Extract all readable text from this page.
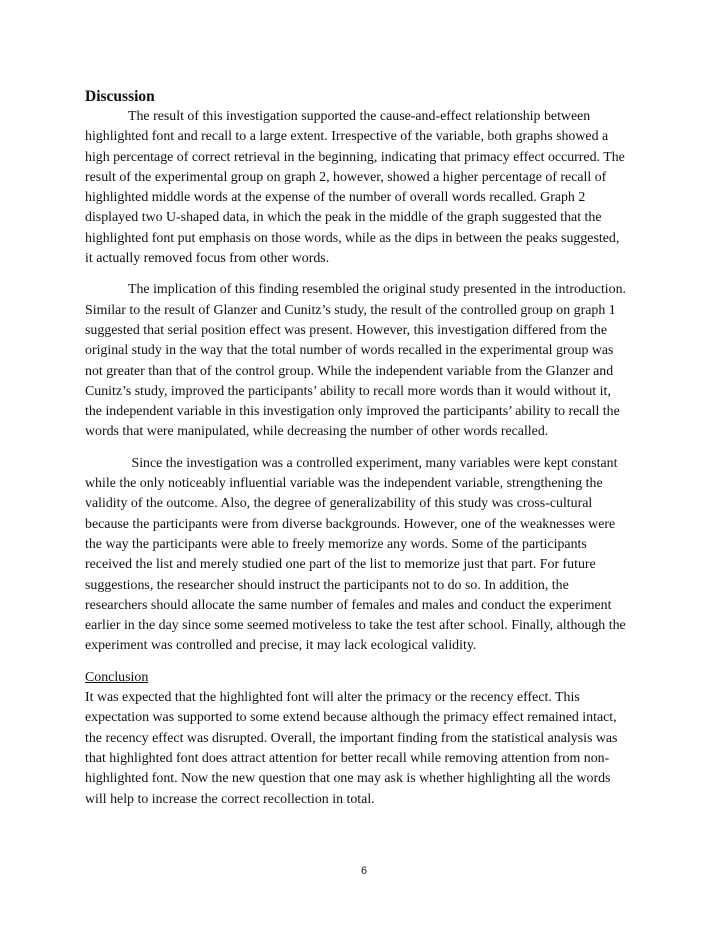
Discussion
The result of this investigation supported the cause-and-effect relationship between
highlighted font and recall to a large extent. Irrespective of the variable, both graphs showed a
high percentage of correct retrieval in the beginning, indicating that primacy effect occurred. The
result of the experimental group on graph 2, however, showed a higher percentage of recall of
highlighted middle words at the expense of the number of overall words recalled. Graph 2
displayed two U-shaped data, in which the peak in the middle of the graph suggested that the
highlighted font put emphasis on those words, while as the dips in between the peaks suggested,
it actually removed focus from other words.
The implication of this finding resembled the original study presented in the introduction.
Similar to the result of Glanzer and Cunitz’s study, the result of the controlled group on graph 1
suggested that serial position effect was present. However, this investigation differed from the
original study in the way that the total number of words recalled in the experimental group was
not greater than that of the control group. While the independent variable from the Glanzer and
Cunitz’s study, improved the participants’ ability to recall more words than it would without it,
the independent variable in this investigation only improved the participants’ ability to recall the
words that were manipulated, while decreasing the number of other words recalled.
Since the investigation was a controlled experiment, many variables were kept constant
while the only noticeably influential variable was the independent variable, strengthening the
validity of the outcome. Also, the degree of generalizability of this study was cross-cultural
because the participants were from diverse backgrounds. However, one of the weaknesses were
the way the participants were able to freely memorize any words. Some of the participants
received the list and merely studied one part of the list to memorize just that part. For future
suggestions, the researcher should instruct the participants not to do so. In addition, the
researchers should allocate the same number of females and males and conduct the experiment
earlier in the day since some seemed motiveless to take the test after school. Finally, although the
experiment was controlled and precise, it may lack ecological validity.
Conclusion
It was expected that the highlighted font will alter the primacy or the recency effect. This
expectation was supported to some extend because although the primacy effect remained intact,
the recency effect was disrupted. Overall, the important finding from the statistical analysis was
that highlighted font does attract attention for better recall while removing attention from non-
highlighted font. Now the new question that one may ask is whether highlighting all the words
will help to increase the correct recollection in total.
6
